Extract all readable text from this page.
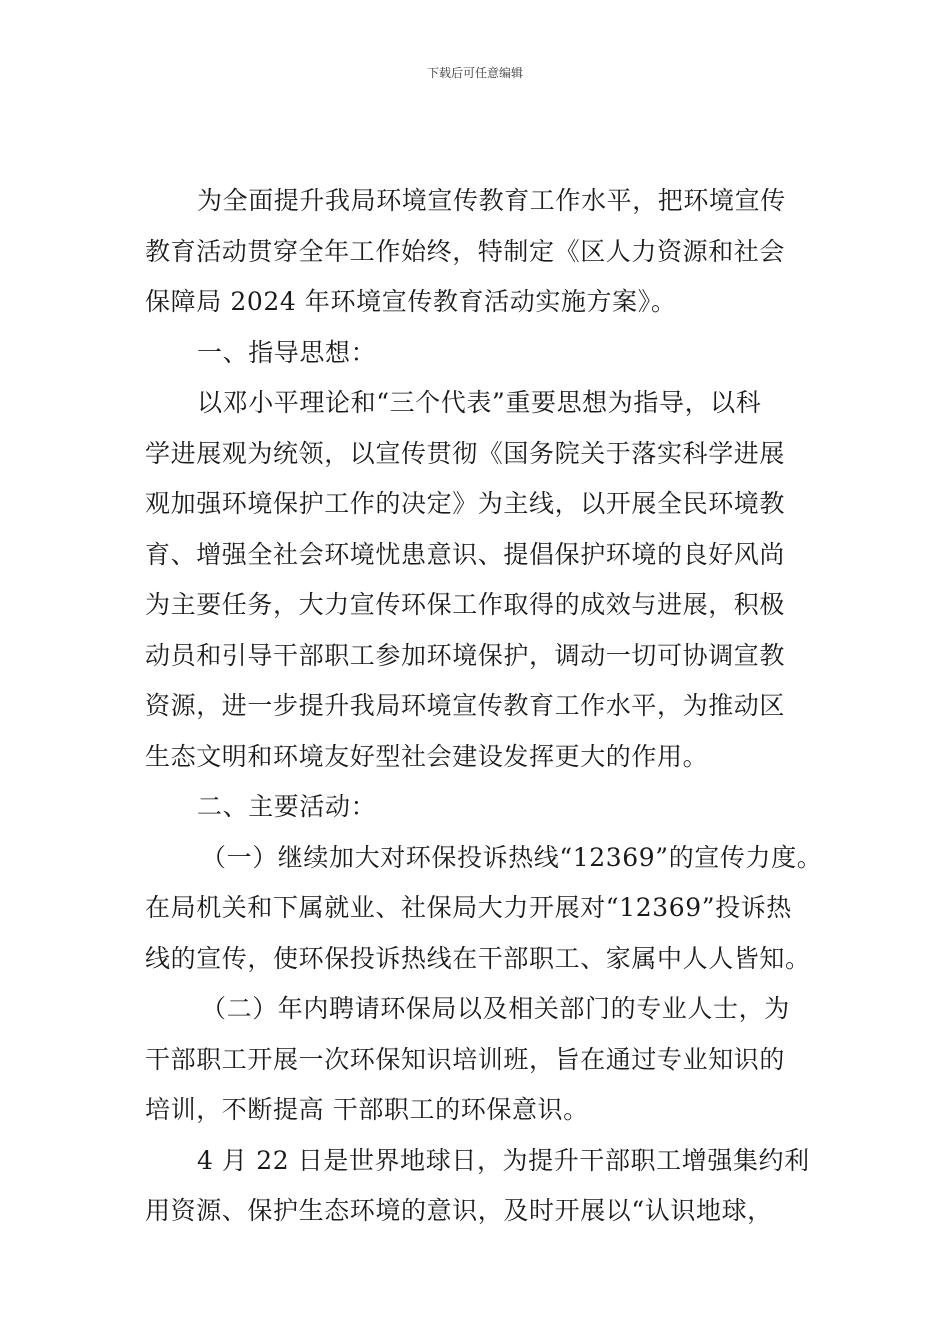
下载后可任意编辑
为全面提升我局环境宣传教育工作水平，把环境宣传
教育活动贯穿全年工作始终，特制定《区人力资源和社会
保障局 2024 年环境宣传教育活动实施方案》。
一、指导思想：
以邓小平理论和“三个代表”重要思想为指导，以科
学进展观为统领，以宣传贯彻《国务院关于落实科学进展
观加强环境保护工作的决定》为主线，以开展全民环境教
育、增强全社会环境忧患意识、提倡保护环境的良好风尚
为主要任务，大力宣传环保工作取得的成效与进展，积极
动员和引导干部职工参加环境保护，调动一切可协调宣教
资源，进一步提升我局环境宣传教育工作水平，为推动区
生态文明和环境友好型社会建设发挥更大的作用。
二、主要活动：
（一）继续加大对环保投诉热线“12369”的宣传力度。
在局机关和下属就业、社保局大力开展对“12369”投诉热
线的宣传，使环保投诉热线在干部职工、家属中人人皆知。
（二）年内聘请环保局以及相关部门的专业人士，为
干部职工开展一次环保知识培训班，旨在通过专业知识的
培训，不断提高 干部职工的环保意识。
4 月 22 日是世界地球日，为提升干部职工增强集约利
用资源、保护生态环境的意识，及时开展以“认识地球，
